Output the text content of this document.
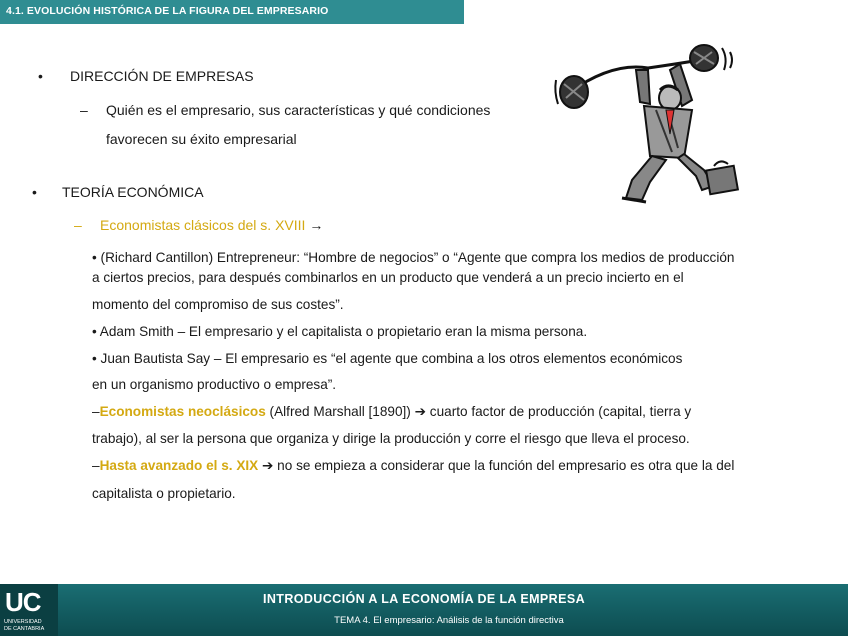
4.1. EVOLUCIÓN HISTÓRICA DE LA FIGURA DEL EMPRESARIO
• DIRECCIÓN DE EMPRESAS
– Quién es el empresario, sus características y qué condiciones
favorecen su éxito empresarial
• TEORÍA ECONÓMICA
– Economistas clásicos del s. XVIII →
• (Richard Cantillon) Entrepreneur: “Hombre de negocios” o “Agente que compra los medios de producción
a ciertos precios, para después combinarlos en un producto que venderá a un precio incierto en el
momento del compromiso de sus costes”.
• Adam Smith – El empresario y el capitalista o propietario eran la misma persona.
• Juan Bautista Say – El empresario es “el agente que combina a los otros elementos económicos
en un organismo productivo o empresa”.
–Economistas neoclásicos (Alfred Marshall [1890]) ➔ cuarto factor de producción (capital, tierra y
trabajo), al ser la persona que organiza y dirige la producción y corre el riesgo que lleva el proceso.
–Hasta avanzado el s. XIX ➔ no se empieza a considerar que la función del empresario es otra que la del
capitalista o propietario.
UC
UNIVERSIDAD
DE CANTABRIA
INTRODUCCIÓN A LA ECONOMÍA DE LA EMPRESA
TEMA 4. El empresario: Análisis de la función directiva
